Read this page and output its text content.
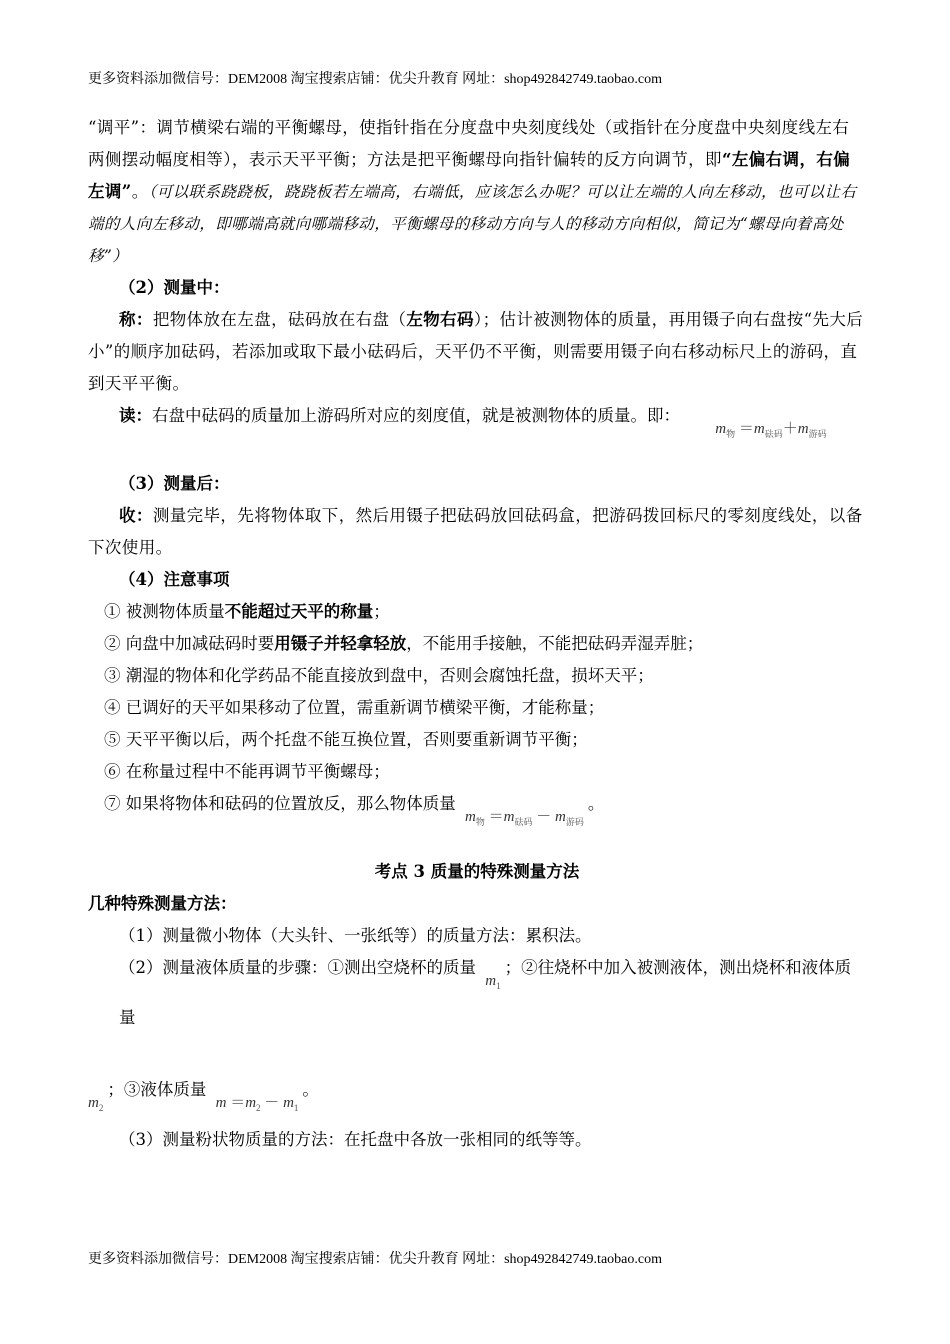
更多资料添加微信号：DEM2008 淘宝搜索店铺：优尖升教育 网址：shop492842749.taobao.com

“调平”：调节横梁右端的平衡螺母，使指针指在分度盘中央刻度线处（或指针在分度盘中央刻度线左右两侧摆动幅度相等），表示天平平衡；方法是把平衡螺母向指针偏转的反方向调节，即“左偏右调，右偏左调”。（可以联系跷跷板，跷跷板若左端高，右端低，应该怎么办呢？可以让左端的人向左移动，也可以让右端的人向左移动，即哪端高就向哪端移动，平衡螺母的移动方向与人的移动方向相似，简记为“螺母向着高处移”）

（2）测量中：

称：把物体放在左盘，砝码放在右盘（左物右码）；估计被测物体的质量，再用镊子向右盘按“先大后小”的顺序加砝码，若添加或取下最小砝码后，天平仍不平衡，则需要用镊子向右移动标尺上的游码，直到天平平衡。

读：右盘中砝码的质量加上游码所对应的刻度值，就是被测物体的质量。即： $m_物 =m_{砝码}+m_{游码}$

（3）测量后：

收：测量完毕，先将物体取下，然后用镊子把砝码放回砝码盒，把游码拨回标尺的零刻度线处，以备下次使用。

（4）注意事项

① 被测物体质量不能超过天平的称量；

② 向盘中加减砝码时要用镊子并轻拿轻放，不能用手接触，不能把砝码弄湿弄脏；

③ 潮湿的物体和化学药品不能直接放到盘中，否则会腐蚀托盘，损坏天平；

④ 已调好的天平如果移动了位置，需重新调节横梁平衡，才能称量；

⑤ 天平平衡以后，两个托盘不能互换位置，否则要重新调节平衡；

⑥ 在称量过程中不能再调节平衡螺母；

⑦ 如果将物体和砝码的位置放反，那么物体质量 $m_物 =m_{砝码} - m_{游码}$。

考点 3 质量的特殊测量方法

几种特殊测量方法：

（1）测量微小物体（大头针、一张纸等）的质量方法：累积法。

（2）测量液体质量的步骤：①测出空烧杯的质量 $m_1$；②往烧杯中加入被测液体，测出烧杯和液体质量

$m_2$；③液体质量 $m =m_2 - m_1$。

（3）测量粉状物质量的方法：在托盘中各放一张相同的纸等等。

更多资料添加微信号：DEM2008 淘宝搜索店铺：优尖升教育 网址：shop492842749.taobao.com
